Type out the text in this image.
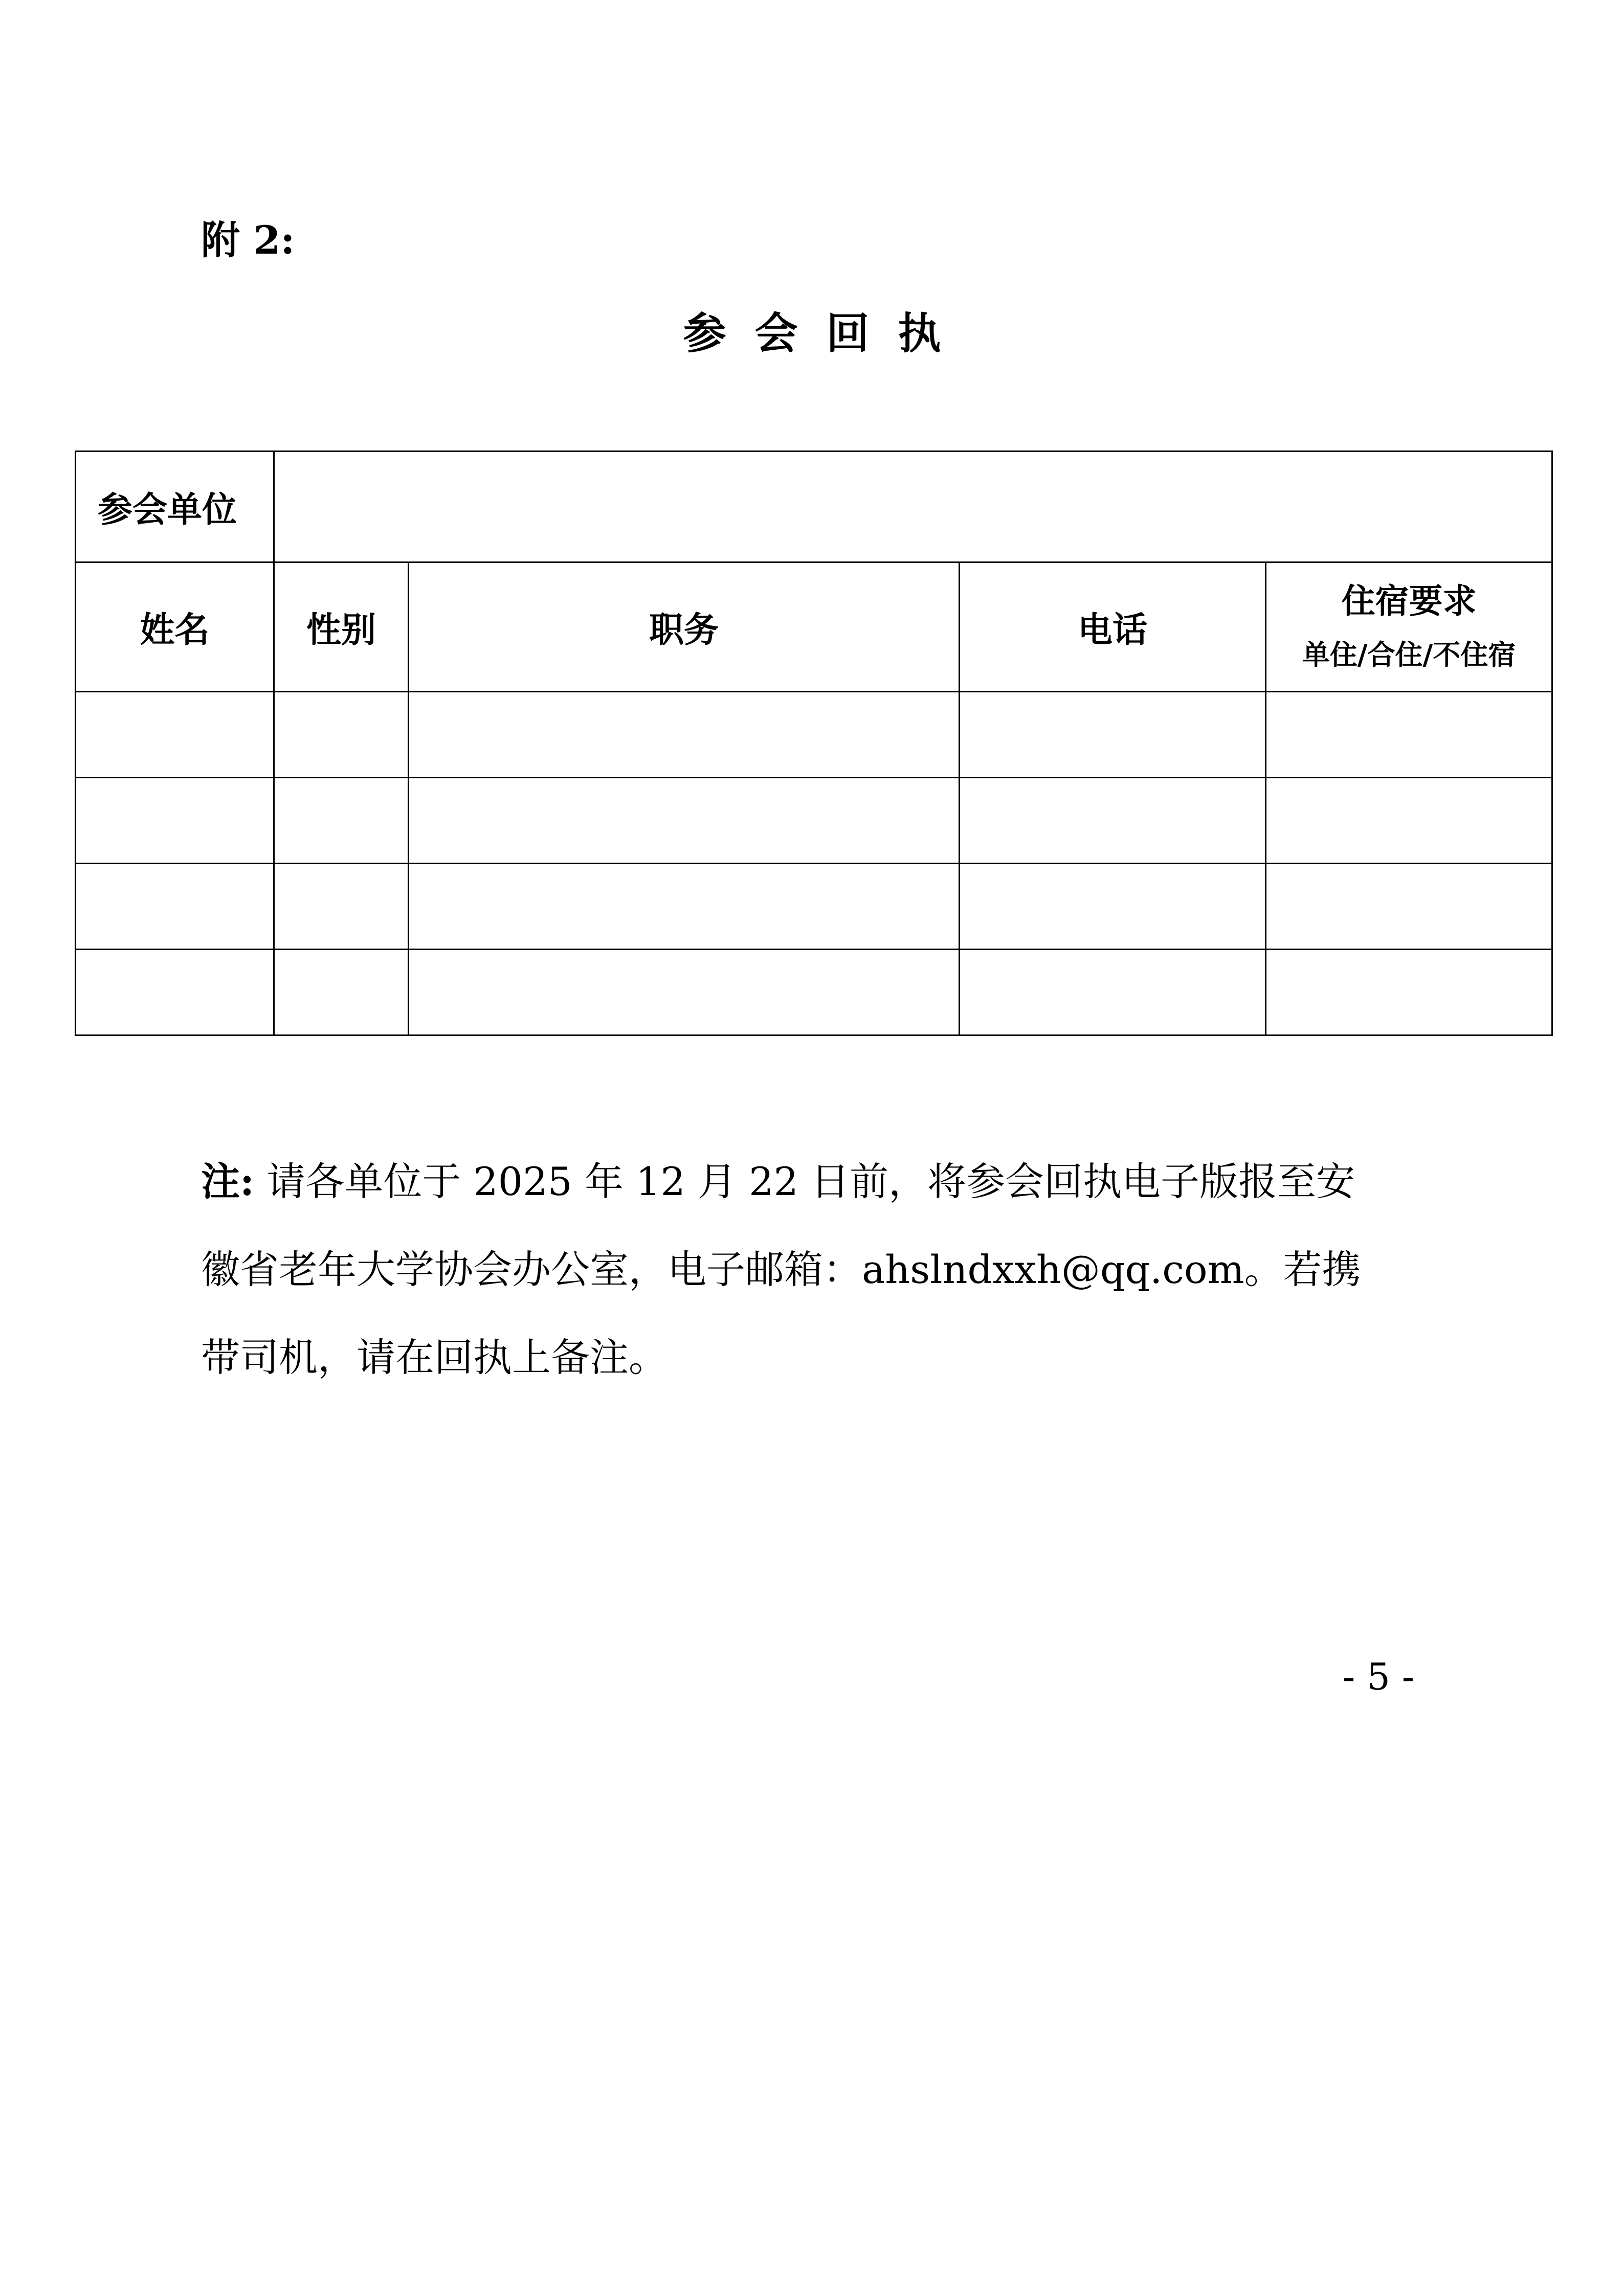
附 2:
参会回执
参会单位				
姓名	性别	职务	电话	住宿要求
单住/合住/不住宿

注: 请各单位于 2025 年 12 月 22 日前，将参会回执电子版报至安
徽省老年大学协会办公室，电子邮箱：ahslndxxh@qq.com。若携
带司机，请在回执上备注。
- 5 -
